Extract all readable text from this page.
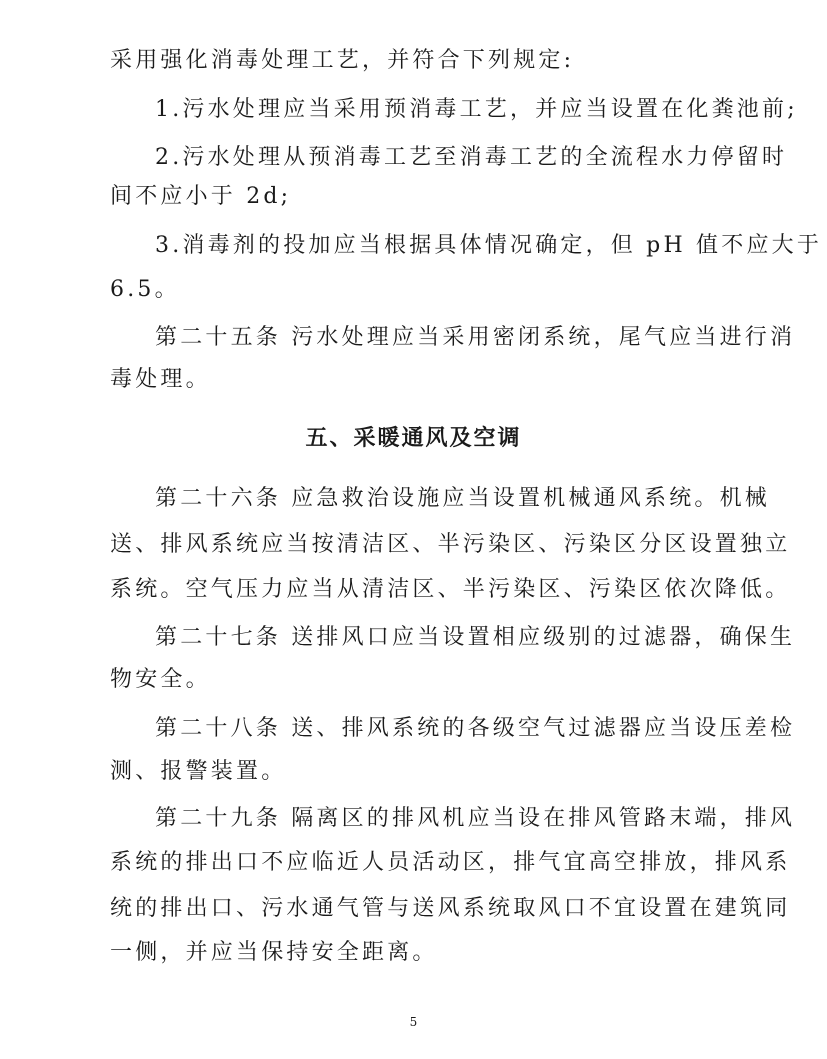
采用强化消毒处理工艺，并符合下列规定:
1.污水处理应当采用预消毒工艺，并应当设置在化粪池前;
2.污水处理从预消毒工艺至消毒工艺的全流程水力停留时
间不应小于 2d;
3.消毒剂的投加应当根据具体情况确定，但 pH 值不应大于
6.5。
第二十五条 污水处理应当采用密闭系统，尾气应当进行消
毒处理。
五、采暖通风及空调
第二十六条 应急救治设施应当设置机械通风系统。机械
送、排风系统应当按清洁区、半污染区、污染区分区设置独立
系统。空气压力应当从清洁区、半污染区、污染区依次降低。
第二十七条 送排风口应当设置相应级别的过滤器，确保生
物安全。
第二十八条 送、排风系统的各级空气过滤器应当设压差检
测、报警装置。
第二十九条 隔离区的排风机应当设在排风管路末端，排风
系统的排出口不应临近人员活动区，排气宜高空排放，排风系
统的排出口、污水通气管与送风系统取风口不宜设置在建筑同
一侧，并应当保持安全距离。
5
